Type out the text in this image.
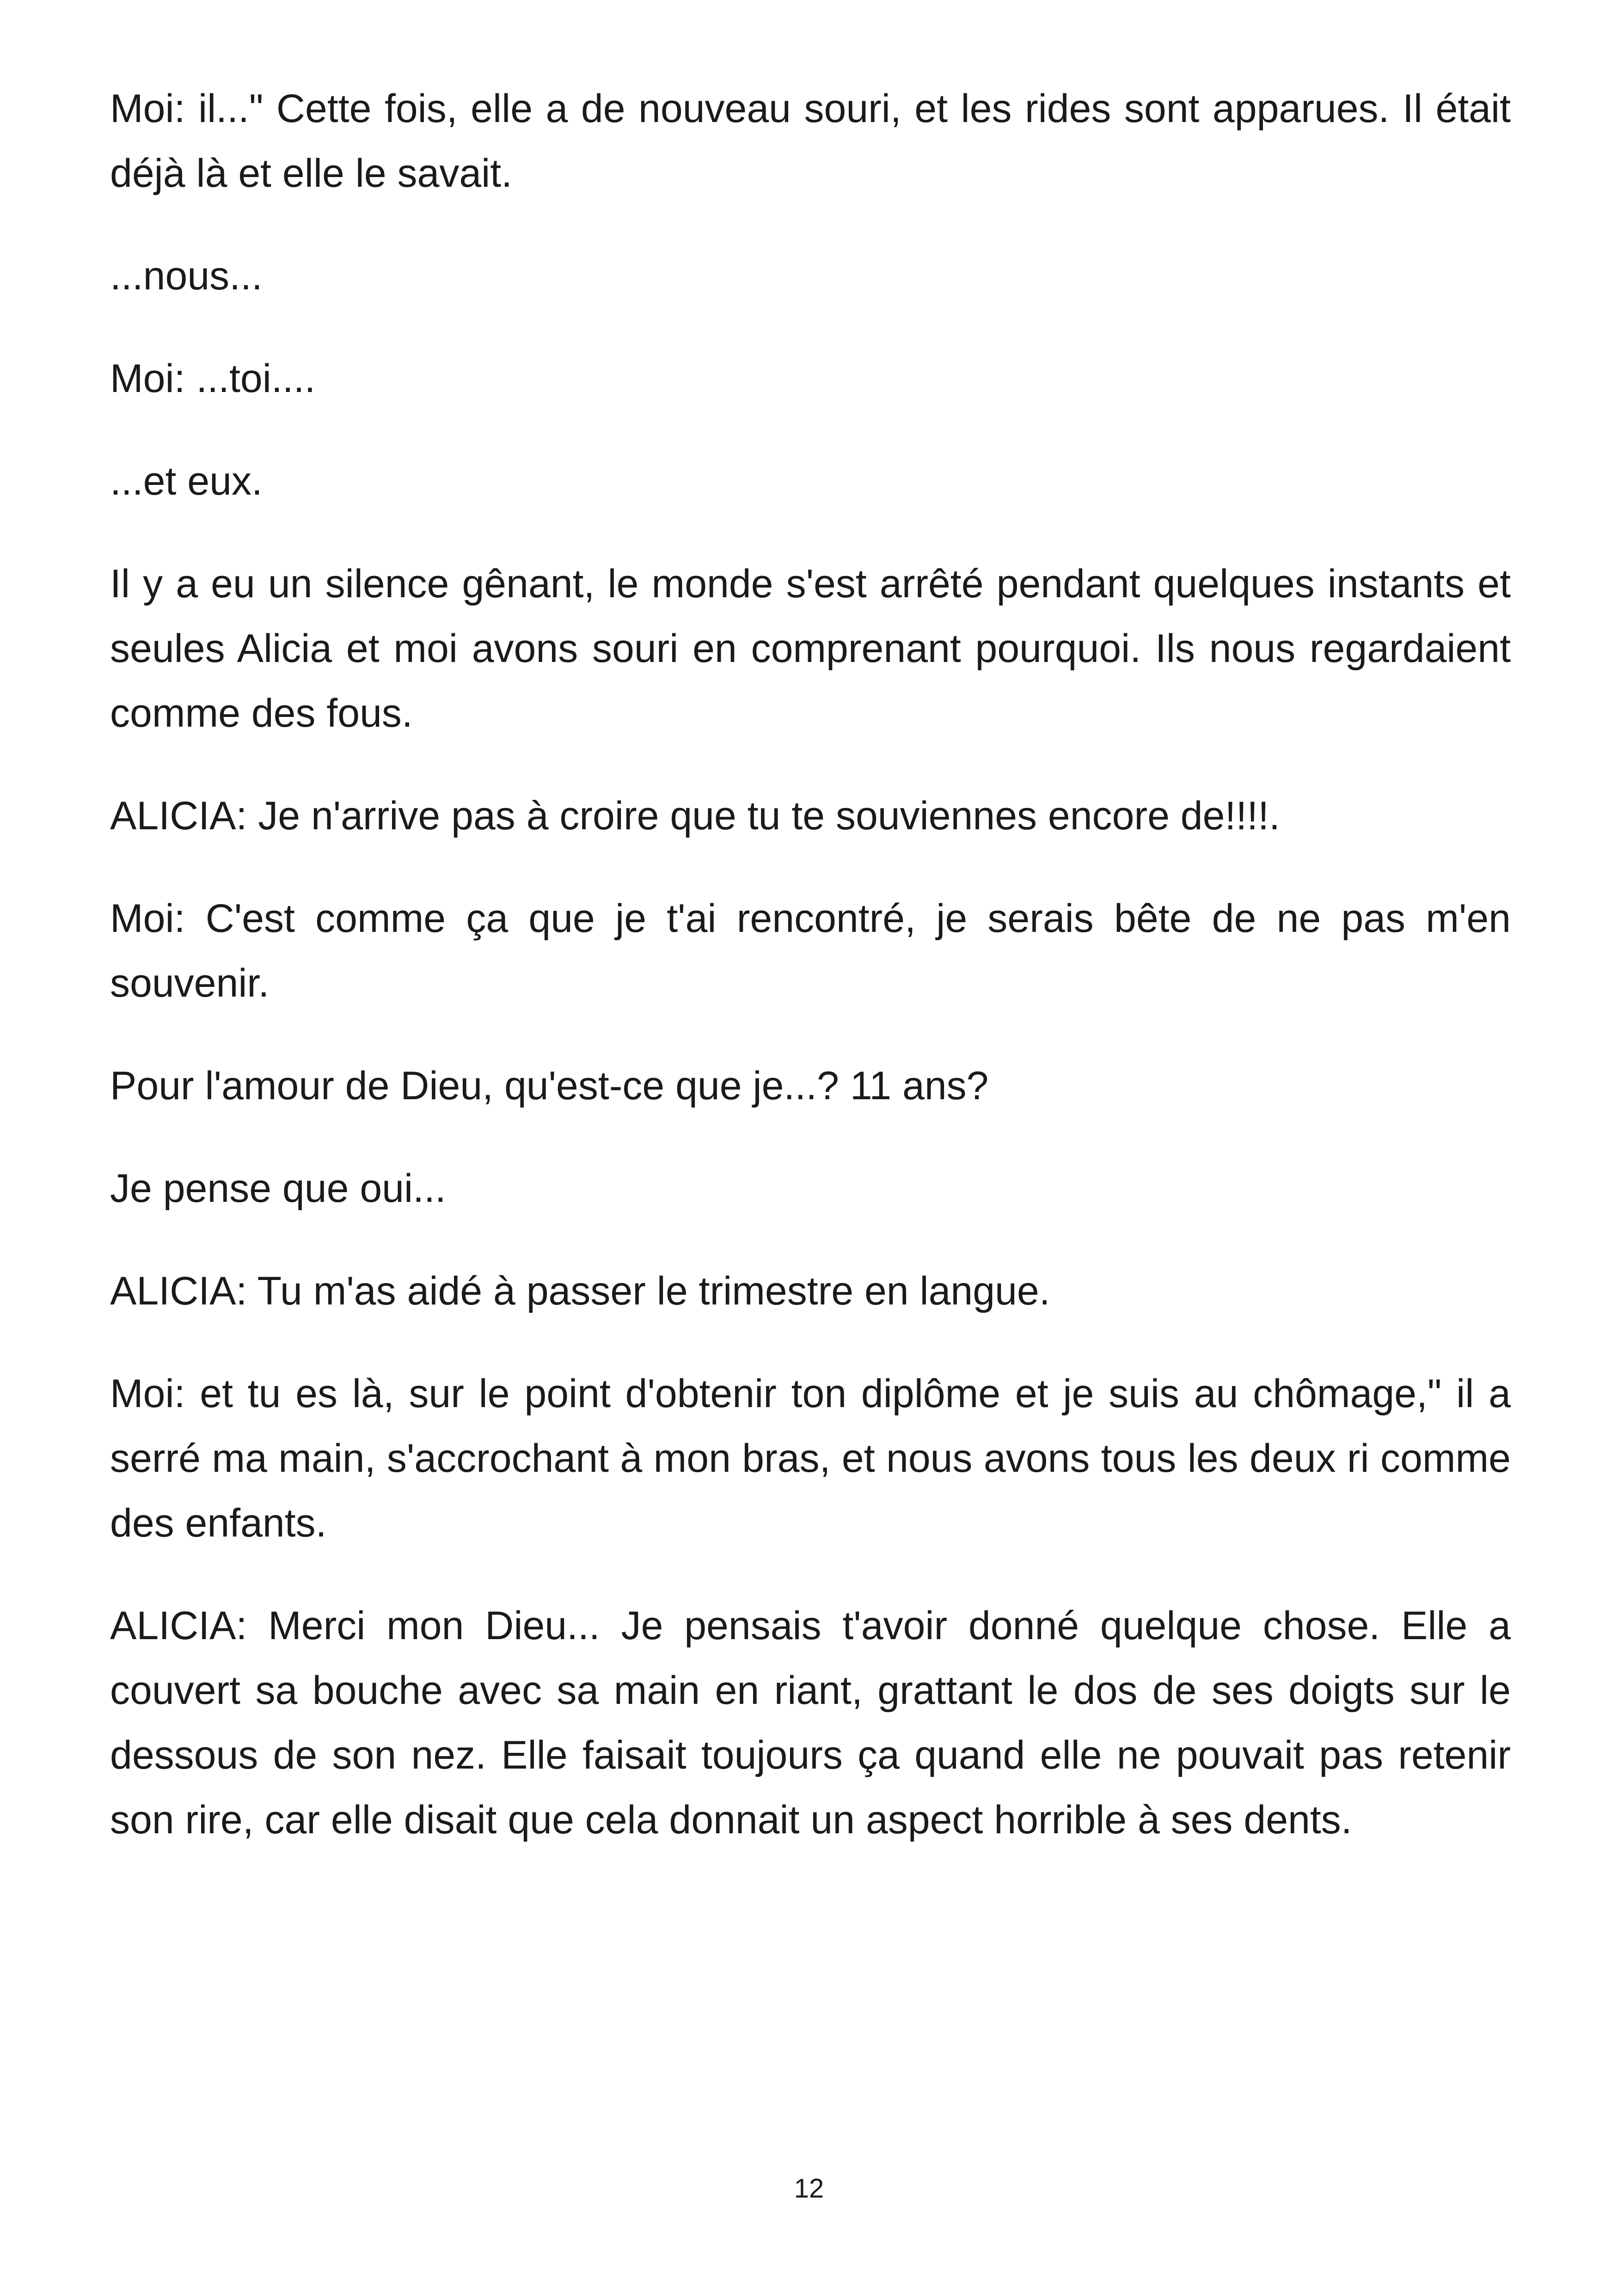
Moi: il..." Cette fois, elle a de nouveau souri, et les rides sont apparues. Il était déjà là et elle le savait.

...nous...

Moi: ...toi....

...et eux.

Il y a eu un silence gênant, le monde s'est arrêté pendant quelques instants et seules Alicia et moi avons souri en comprenant pourquoi. Ils nous regardaient comme des fous.

ALICIA: Je n'arrive pas à croire que tu te souviennes encore de!!!!.

Moi: C'est comme ça que je t'ai rencontré, je serais bête de ne pas m'en souvenir.

Pour l'amour de Dieu, qu'est-ce que je...? 11 ans?

Je pense que oui...

ALICIA: Tu m'as aidé à passer le trimestre en langue.

Moi: et tu es là, sur le point d'obtenir ton diplôme et je suis au chômage," il a serré ma main, s'accrochant à mon bras, et nous avons tous les deux ri comme des enfants.

ALICIA: Merci mon Dieu... Je pensais t'avoir donné quelque chose. Elle a couvert sa bouche avec sa main en riant, grattant le dos de ses doigts sur le dessous de son nez. Elle faisait toujours ça quand elle ne pouvait pas retenir son rire, car elle disait que cela donnait un aspect horrible à ses dents.

12
